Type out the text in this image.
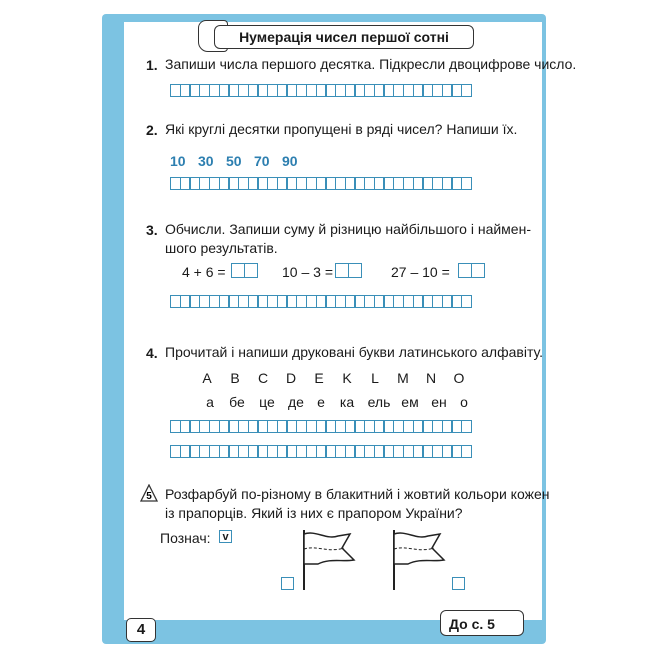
Нумерація чисел першої сотні
1. Запиши числа першого десятка. Підкресли двоцифрове число.
2. Які круглі десятки пропущені в ряді чисел? Напиши їх.
10 30 50 70 90
3. Обчисли. Запиши суму й різницю найбільшого і наймен-
шого результатів.
4 + 6 =	10 – 3 =	27 – 10 =
4. Прочитай і напиши друковані букви латинського алфавіту.
A	B	C	D	E	K	L	M	N	O
а	бе	це де е	ка ель ем ен о
5 Розфарбуй по-різному в блакитний і жовтий кольори кожен
із прапорців. Який із них є прапором України?
Познач:	v
4	До с. 5
